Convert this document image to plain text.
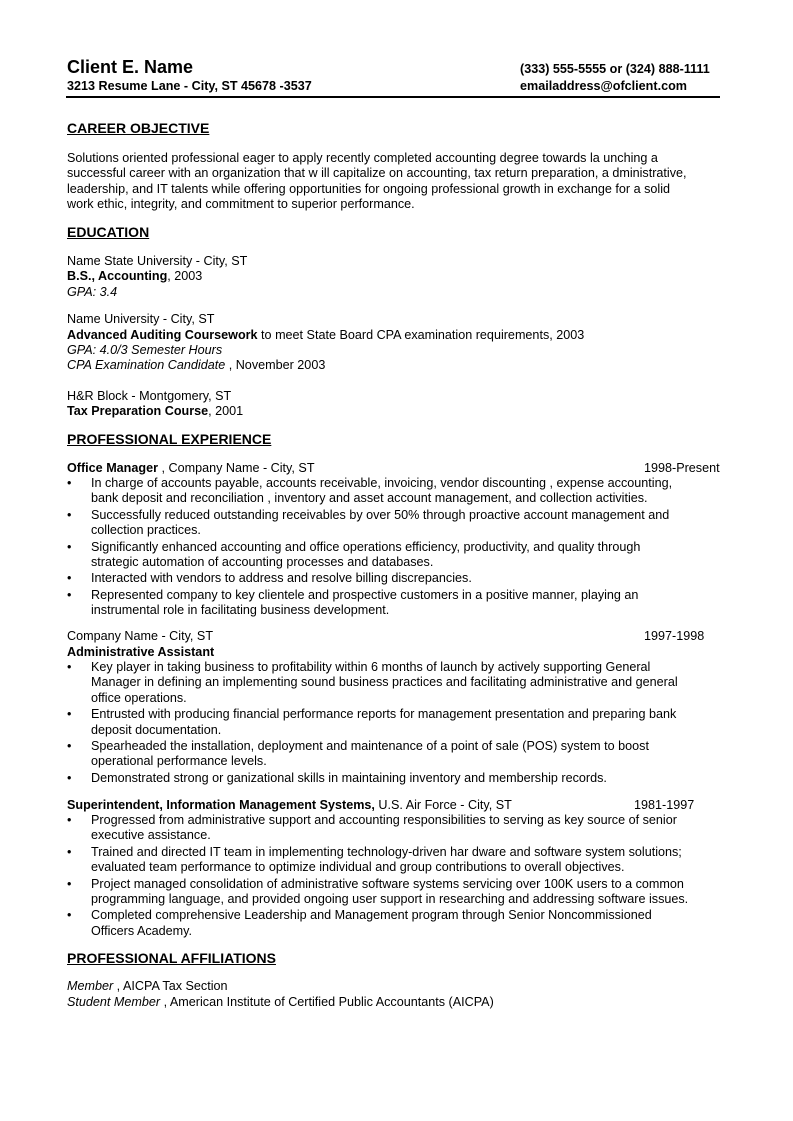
Client E. Name
3213 Resume Lane - City, ST 45678 -3537
(333) 555-5555 or (324) 888-1111
emailaddress@ofclient.com
CAREER OBJECTIVE
Solutions oriented professional eager to apply recently completed accounting degree towards la unching a
successful career with an organization that w ill capitalize on accounting, tax return preparation, a dministrative,
leadership, and IT talents while offering opportunities for ongoing professional growth in exchange for a solid
work ethic, integrity, and commitment to superior performance.
EDUCATION
Name State University - City, ST
B.S., Accounting, 2003
GPA: 3.4
Name University - City, ST
Advanced Auditing Coursework to meet State Board CPA examination requirements, 2003
GPA: 4.0/3 Semester Hours
CPA Examination Candidate , November 2003
H&R Block - Montgomery, ST
Tax Preparation Course, 2001
PROFESSIONAL EXPERIENCE
Office Manager , Company Name - City, ST	1998-Present
• In charge of accounts payable, accounts receivable, invoicing, vendor discounting , expense accounting,
bank deposit and reconciliation , inventory and asset account management, and collection activities.
• Successfully reduced outstanding receivables by over 50% through proactive account management and
collection practices.
• Significantly enhanced accounting and office operations efficiency, productivity, and quality through
strategic automation of accounting processes and databases.
• Interacted with vendors to address and resolve billing discrepancies.
• Represented company to key clientele and prospective customers in a positive manner, playing an
instrumental role in facilitating business development.
Company Name - City, ST	1997-1998
Administrative Assistant
• Key player in taking business to profitability within 6 months of launch by actively supporting General
Manager in defining an implementing sound business practices and facilitating administrative and general
office operations.
• Entrusted with producing financial performance reports for management presentation and preparing bank
deposit documentation.
• Spearheaded the installation, deployment and maintenance of a point of sale (POS) system to boost
operational performance levels.
• Demonstrated strong or ganizational skills in maintaining inventory and membership records.
Superintendent, Information Management Systems, U.S. Air Force - City, ST	1981-1997
• Progressed from administrative support and accounting responsibilities to serving as key source of senior
executive assistance.
• Trained and directed IT team in implementing technology-driven har dware and software system solutions;
evaluated team performance to optimize individual and group contributions to overall objectives.
• Project managed consolidation of administrative software systems servicing over 100K users to a common
programming language, and provided ongoing user support in researching and addressing software issues.
• Completed comprehensive Leadership and Management program through Senior Noncommissioned
Officers Academy.
PROFESSIONAL AFFILIATIONS
Member , AICPA Tax Section
Student Member , American Institute of Certified Public Accountants (AICPA)
